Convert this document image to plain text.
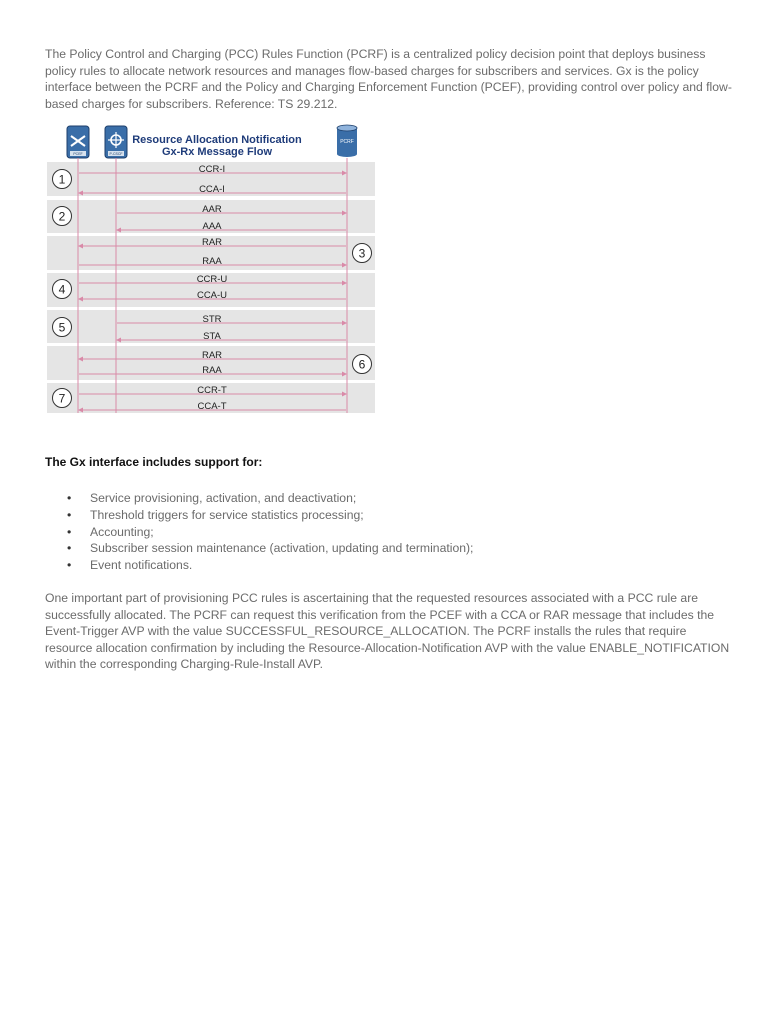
The Policy Control and Charging (PCC) Rules Function (PCRF) is a centralized policy decision point that deploys business policy rules to allocate network resources and manages flow-based charges for subscribers and services. Gx is the policy interface between the PCRF and the Policy and Charging Enforcement Function (PCEF), providing control over policy and flow-based charges for subscribers. Reference: TS 29.212.

PCEF	P-CSCF
PCRF
Resource Allocation Notification
Gx-Rx Message Flow
1
2
3
4
5
6
7
CCR-I
CCA-I
AAR
AAA
RAR
RAA
CCR-U
CCA-U
STR
STA
RAR
RAA
CCR-T
CCA-T

The Gx interface includes support for:

• Service provisioning, activation, and deactivation;
• Threshold triggers for service statistics processing;
• Accounting;
• Subscriber session maintenance (activation, updating and termination);
• Event notifications.

One important part of provisioning PCC rules is ascertaining that the requested resources associated with a PCC rule are successfully allocated. The PCRF can request this verification from the PCEF with a CCA or RAR message that includes the Event-Trigger AVP with the value SUCCESSFUL_RESOURCE_ALLOCATION. The PCRF installs the rules that require resource allocation confirmation by including the Resource-Allocation-Notification AVP with the value ENABLE_NOTIFICATION within the corresponding Charging-Rule-Install AVP.
